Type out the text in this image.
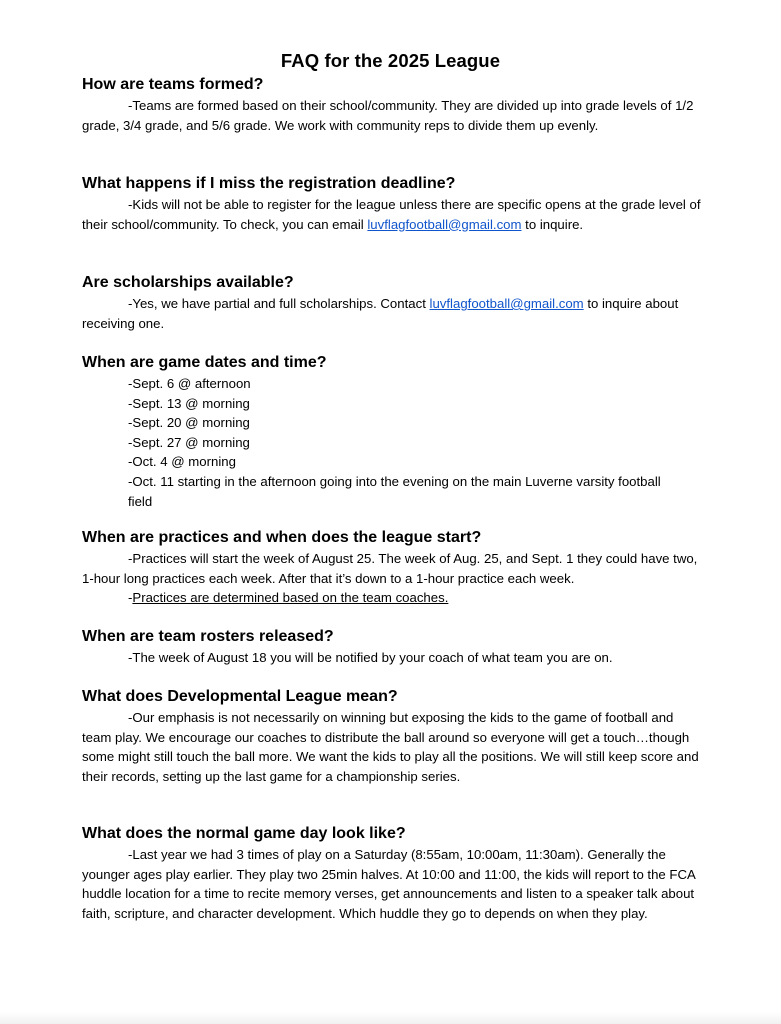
FAQ for the 2025 League
How are teams formed?

-Teams are formed based on their school/community. They are divided up into grade levels of 1/2 grade, 3/4 grade, and 5/6 grade. We work with community reps to divide them up evenly.

What happens if I miss the registration deadline?

-Kids will not be able to register for the league unless there are specific opens at the grade level of their school/community. To check, you can email luvflagfootball@gmail.com to inquire.

Are scholarships available?

-Yes, we have partial and full scholarships. Contact luvflagfootball@gmail.com to inquire about receiving one.

When are game dates and time?
-Sept. 6 @ afternoon
-Sept. 13 @ morning
-Sept. 20 @ morning
-Sept. 27 @ morning
-Oct. 4 @ morning
-Oct. 11 starting in the afternoon going into the evening on the main Luverne varsity football field
When are practices and when does the league start?

-Practices will start the week of August 25. The week of Aug. 25, and Sept. 1 they could have two, 1-hour long practices each week. After that it’s down to a 1-hour practice each week.

-Practices are determined based on the team coaches.

When are team rosters released?

-The week of August 18 you will be notified by your coach of what team you are on.

What does Developmental League mean?

-Our emphasis is not necessarily on winning but exposing the kids to the game of football and team play. We encourage our coaches to distribute the ball around so everyone will get a touch…though some might still touch the ball more. We want the kids to play all the positions. We will still keep score and their records, setting up the last game for a championship series.

What does the normal game day look like?

-Last year we had 3 times of play on a Saturday (8:55am, 10:00am, 11:30am). Generally the younger ages play earlier. They play two 25min halves. At 10:00 and 11:00, the kids will report to the FCA huddle location for a time to recite memory verses, get announcements and listen to a speaker talk about faith, scripture, and character development. Which huddle they go to depends on when they play.
